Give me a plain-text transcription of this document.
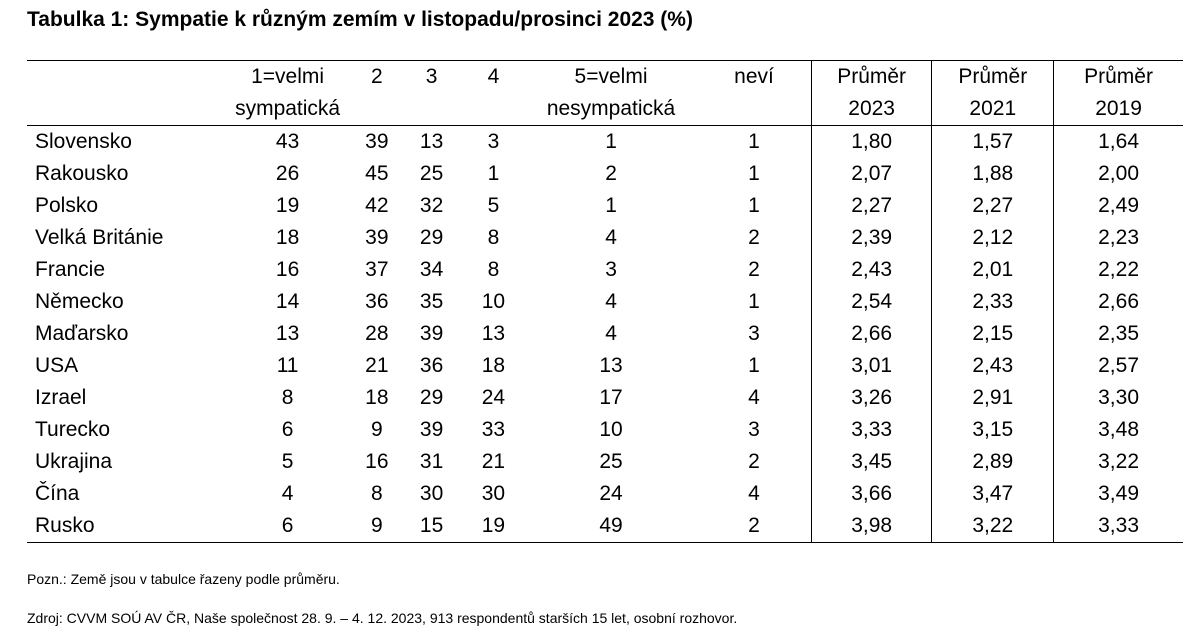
Tabulka 1: Sympatie k různým zemím v listopadu/prosinci 2023 (%)
	1=velmi	2	3	4	5=velmi	neví	Průměr	Průměr	Průměr
	sympatická				nesympatická		2023	2021	2019
Slovensko	43	39	13	3	1	1	1,80	1,57	1,64
Rakousko	26	45	25	1	2	1	2,07	1,88	2,00
Polsko	19	42	32	5	1	1	2,27	2,27	2,49
Velká Británie	18	39	29	8	4	2	2,39	2,12	2,23
Francie	16	37	34	8	3	2	2,43	2,01	2,22
Německo	14	36	35	10	4	1	2,54	2,33	2,66
Maďarsko	13	28	39	13	4	3	2,66	2,15	2,35
USA	11	21	36	18	13	1	3,01	2,43	2,57
Izrael	8	18	29	24	17	4	3,26	2,91	3,30
Turecko	6	9	39	33	10	3	3,33	3,15	3,48
Ukrajina	5	16	31	21	25	2	3,45	2,89	3,22
Čína	4	8	30	30	24	4	3,66	3,47	3,49
Rusko	6	9	15	19	49	2	3,98	3,22	3,33
Pozn.: Země jsou v tabulce řazeny podle průměru.
Zdroj: CVVM SOÚ AV ČR, Naše společnost 28. 9. – 4. 12. 2023, 913 respondentů starších 15 let, osobní rozhovor.
